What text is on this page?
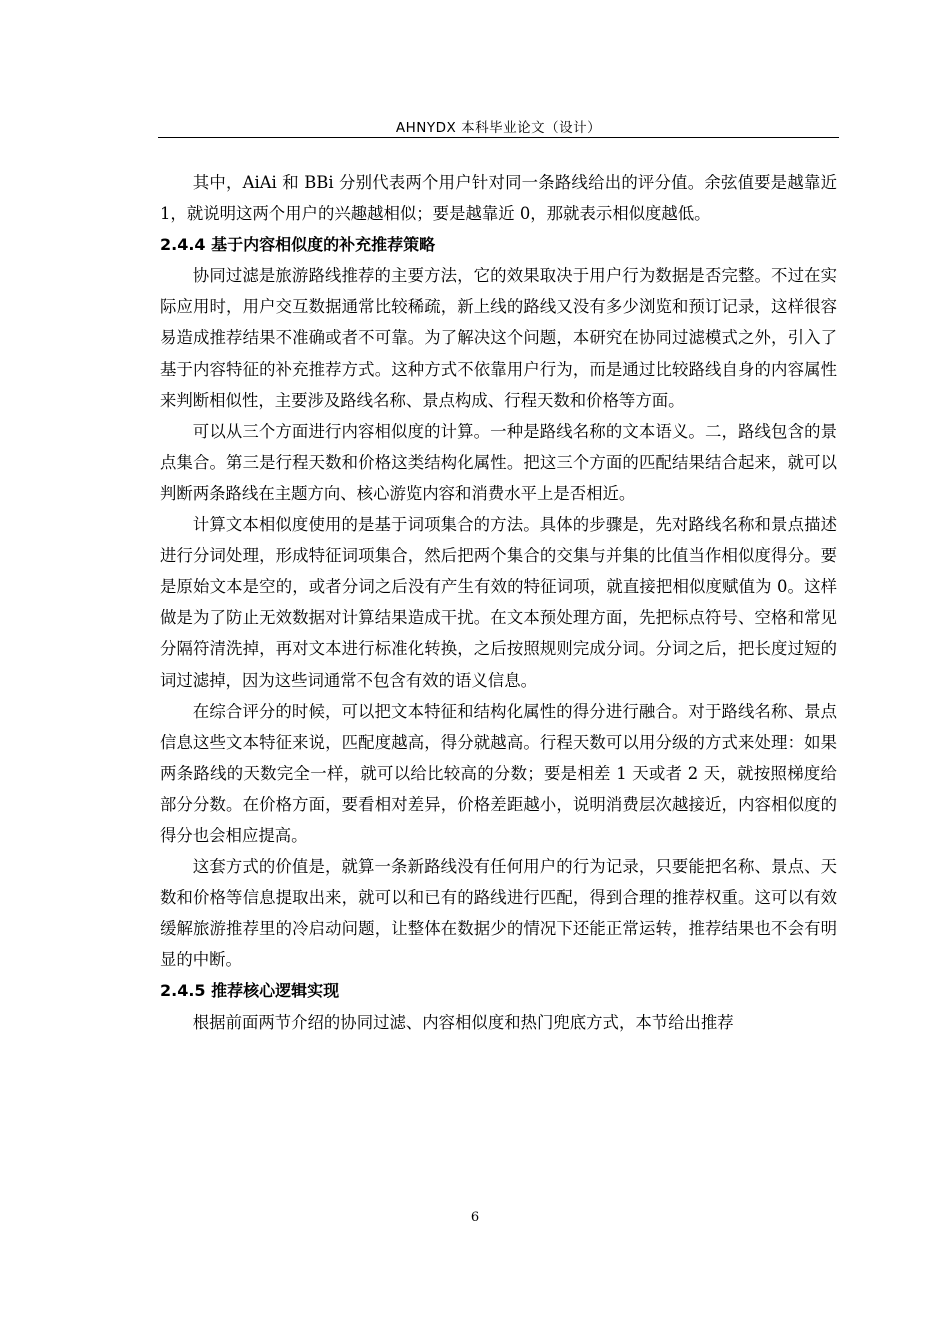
AHNYDX 本科毕业论文（设计）

其中，AiAi 和 BBi 分别代表两个用户针对同一条路线给出的评分值。余弦值要是越靠近 1，就说明这两个用户的兴趣越相似；要是越靠近 0，那就表示相似度越低。

2.4.4 基于内容相似度的补充推荐策略

协同过滤是旅游路线推荐的主要方法，它的效果取决于用户行为数据是否完整。不过在实际应用时，用户交互数据通常比较稀疏，新上线的路线又没有多少浏览和预订记录，这样很容易造成推荐结果不准确或者不可靠。为了解决这个问题，本研究在协同过滤模式之外，引入了基于内容特征的补充推荐方式。这种方式不依靠用户行为，而是通过比较路线自身的内容属性来判断相似性，主要涉及路线名称、景点构成、行程天数和价格等方面。

可以从三个方面进行内容相似度的计算。一种是路线名称的文本语义。二，路线包含的景点集合。第三是行程天数和价格这类结构化属性。把这三个方面的匹配结果结合起来，就可以判断两条路线在主题方向、核心游览内容和消费水平上是否相近。

计算文本相似度使用的是基于词项集合的方法。具体的步骤是，先对路线名称和景点描述进行分词处理，形成特征词项集合，然后把两个集合的交集与并集的比值当作相似度得分。要是原始文本是空的，或者分词之后没有产生有效的特征词项，就直接把相似度赋值为 0。这样做是为了防止无效数据对计算结果造成干扰。在文本预处理方面，先把标点符号、空格和常见分隔符清洗掉，再对文本进行标准化转换，之后按照规则完成分词。分词之后，把长度过短的词过滤掉，因为这些词通常不包含有效的语义信息。

在综合评分的时候，可以把文本特征和结构化属性的得分进行融合。对于路线名称、景点信息这些文本特征来说，匹配度越高，得分就越高。行程天数可以用分级的方式来处理：如果两条路线的天数完全一样，就可以给比较高的分数；要是相差 1 天或者 2 天，就按照梯度给部分分数。在价格方面，要看相对差异，价格差距越小，说明消费层次越接近，内容相似度的得分也会相应提高。

这套方式的价值是，就算一条新路线没有任何用户的行为记录，只要能把名称、景点、天数和价格等信息提取出来，就可以和已有的路线进行匹配，得到合理的推荐权重。这可以有效缓解旅游推荐里的冷启动问题，让整体在数据少的情况下还能正常运转，推荐结果也不会有明显的中断。

2.4.5 推荐核心逻辑实现

根据前面两节介绍的协同过滤、内容相似度和热门兜底方式，本节给出推荐

6
